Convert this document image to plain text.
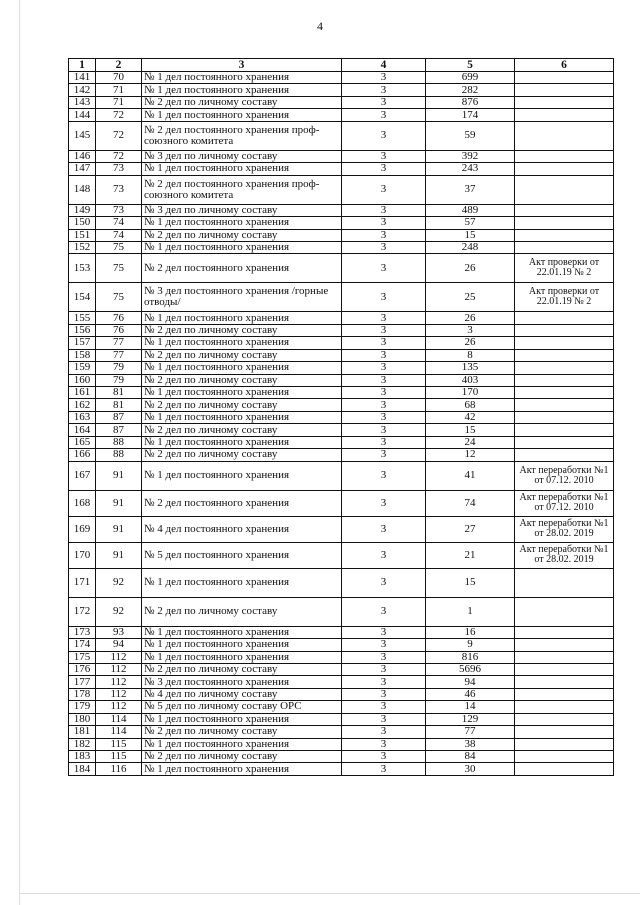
4
1	2	3	4	5	6
141	70	№ 1 дел постоянного хранения	3	699	
142	71	№ 1 дел постоянного хранения	3	282	
143	71	№ 2 дел по личному составу	3	876	
144	72	№ 1 дел постоянного хранения	3	174	
145	72	№ 2 дел постоянного хранения проф-союзного комитета	3	59	
146	72	№ 3 дел по личному составу	3	392	
147	73	№ 1 дел постоянного хранения	3	243	
148	73	№ 2 дел постоянного хранения проф-союзного комитета	3	37	
149	73	№ 3 дел по личному составу	3	489	
150	74	№ 1 дел постоянного хранения	3	57	
151	74	№ 2 дел по личному составу	3	15	
152	75	№ 1 дел постоянного хранения	3	248	
153	75	№ 2 дел постоянного хранения	3	26	Акт проверки от 22.01.19 № 2
154	75	№ 3 дел постоянного хранения /горные отводы/	3	25	Акт проверки от 22.01.19 № 2
155	76	№ 1 дел постоянного хранения	3	26	
156	76	№ 2 дел по личному составу	3	3	
157	77	№ 1 дел постоянного хранения	3	26	
158	77	№ 2 дел по личному составу	3	8	
159	79	№ 1 дел постоянного хранения	3	135	
160	79	№ 2 дел по личному составу	3	403	
161	81	№ 1 дел постоянного хранения	3	170	
162	81	№ 2 дел по личному составу	3	68	
163	87	№ 1 дел постоянного хранения	3	42	
164	87	№ 2 дел по личному составу	3	15	
165	88	№ 1 дел постоянного хранения	3	24	
166	88	№ 2 дел по личному составу	3	12	
167	91	№ 1 дел постоянного хранения	3	41	Акт переработки №1 от 07.12. 2010
168	91	№ 2 дел постоянного хранения	3	74	Акт переработки №1 от 07.12. 2010
169	91	№ 4 дел постоянного хранения	3	27	Акт переработки №1 от 28.02. 2019
170	91	№ 5 дел постоянного хранения	3	21	Акт переработки №1 от 28.02. 2019
171	92	№ 1 дел постоянного хранения	3	15	
172	92	№ 2 дел по личному составу	3	1	
173	93	№ 1 дел постоянного хранения	3	16	
174	94	№ 1 дел постоянного хранения	3	9	
175	112	№ 1 дел постоянного хранения	3	816	
176	112	№ 2 дел по личному составу	3	5696	
177	112	№ 3 дел постоянного хранения	3	94	
178	112	№ 4 дел по личному составу	3	46	
179	112	№ 5 дел по личному составу ОРС	3	14	
180	114	№ 1 дел постоянного хранения	3	129	
181	114	№ 2 дел по личному составу	3	77	
182	115	№ 1 дел постоянного хранения	3	38	
183	115	№ 2 дел по личному составу	3	84	
184	116	№ 1 дел постоянного хранения	3	30	
